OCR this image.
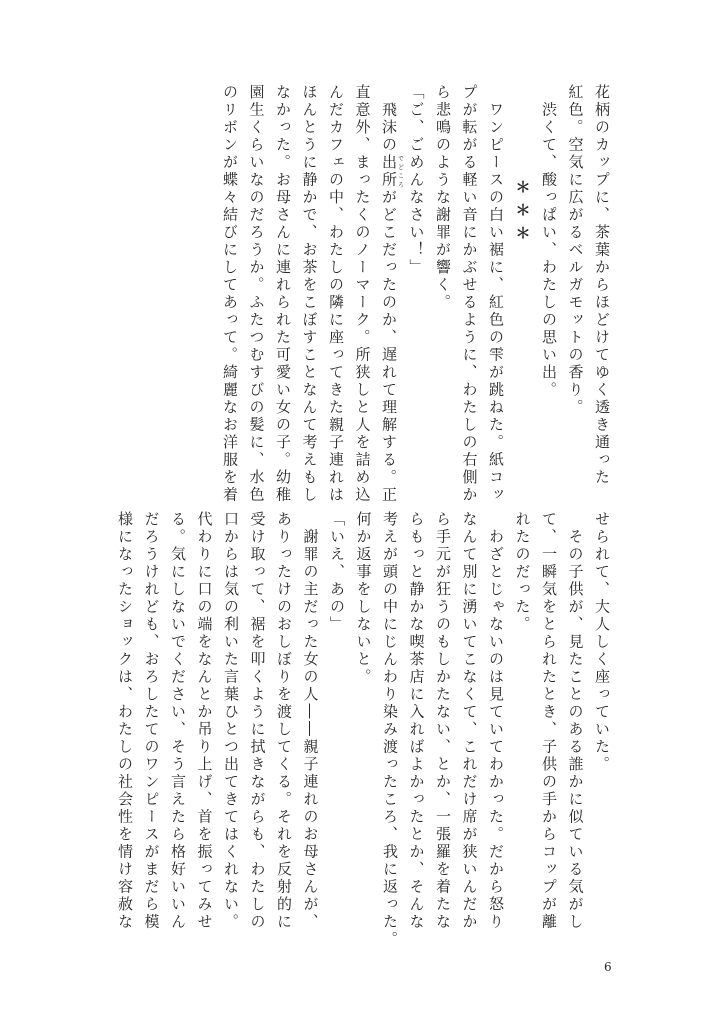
花柄のカップに、茶葉からほどけてゆく透き通った
紅色。空気に広がるベルガモットの香り。
　渋くて、酸っぱい、わたしの思い出。
＊＊＊
　ワンピースの白い裾に、紅色の雫が跳ねた。紙コッ
プが転がる軽い音にかぶせるように、わたしの右側か
ら悲鳴のような謝罪が響く。
「ご、ごめんなさい！」
　飛沫の出所でどころがどこだったのか、遅れて理解する。正
直意外、まったくのノーマーク。所狭しと人を詰め込
んだカフェの中、わたしの隣に座ってきた親子連れは
ほんとうに静かで、お茶をこぼすことなんて考えもし
なかった。お母さんに連れられた可愛い女の子。幼稚
園生くらいなのだろうか。ふたつむすびの髪に、水色
のリボンが蝶々結びにしてあって。綺麗なお洋服を着
せられて、大人しく座っていた。
　その子供が、見たことのある誰かに似ている気がし
て、一瞬気をとられたとき、子供の手からコップが離
れたのだった。
　わざとじゃないのは見ていてわかった。だから怒り
なんて別に湧いてこなくて、これだけ席が狭いんだか
ら手元が狂うのもしかたない、とか、一張羅を着たな
らもっと静かな喫茶店に入ればよかったとか、そんな
考えが頭の中にじんわり染み渡ったころ、我に返った。
何か返事をしないと。
「いえ、あの」
　謝罪の主だった女の人――親子連れのお母さんが、
ありったけのおしぼりを渡してくる。それを反射的に
受け取って、裾を叩くように拭きながらも、わたしの
口からは気の利いた言葉ひとつ出てきてはくれない。
代わりに口の端をなんとか吊り上げ、首を振ってみせ
る。気にしないでください、そう言えたら格好いいん
だろうけれども、おろしたてのワンピースがまだら模
様になったショックは、わたしの社会性を情け容赦な
6
